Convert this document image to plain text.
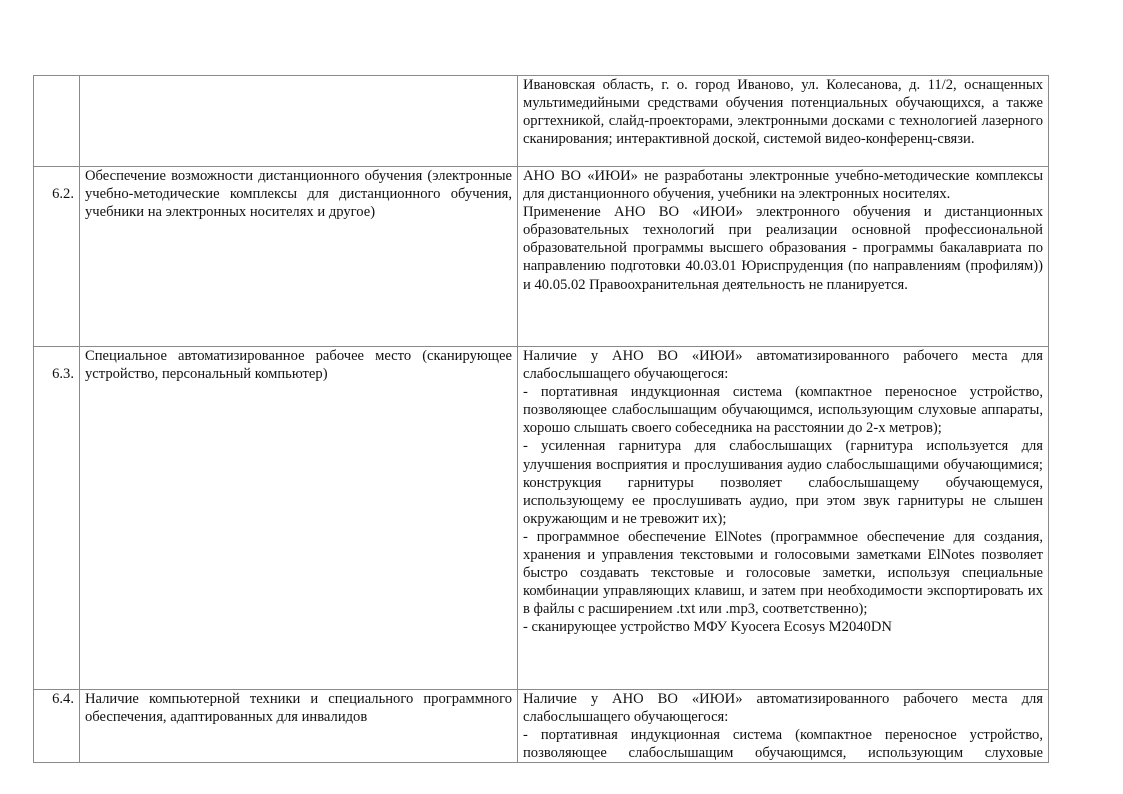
		Ивановская область, г. о. город Иваново, ул. Колесанова, д. 11/2, оснащенных мультимедийными средствами обучения потенциальных обучающихся, а также оргтехникой, слайд-проекторами, электронными досками с технологией лазерного сканирования; интерактивной доской, системой видео-конференц-связи.

6.2.	Обеспечение возможности дистанционного обучения (электронные учебно-методические комплексы для дистанционного обучения, учебники на электронных носителях и другое)	АНО ВО «ИЮИ» не разработаны электронные учебно-методические комплексы для дистанционного обучения, учебники на электронных носителях.
Применение АНО ВО «ИЮИ» электронного обучения и дистанционных образовательных технологий при реализации основной профессиональной образовательной программы высшего образования - программы бакалавриата по направлению подготовки 40.03.01 Юриспруденция (по направлениям (профилям)) и 40.05.02 Правоохранительная деятельность не планируется.

6.3.	Специальное автоматизированное рабочее место (сканирующее устройство, персональный компьютер)	Наличие у АНО ВО «ИЮИ» автоматизированного рабочего места для слабослышащего обучающегося:
- портативная индукционная система (компактное переносное устройство, позволяющее слабослышащим обучающимся, использующим слуховые аппараты, хорошо слышать своего собеседника на расстоянии до 2-х метров);
- усиленная гарнитура для слабослышащих (гарнитура используется для улучшения восприятия и прослушивания аудио слабослышащими обучающимися; конструкция гарнитуры позволяет слабослышащему обучающемуся, использующему ее прослушивать аудио, при этом звук гарнитуры не слышен окружающим и не тревожит их);
- программное обеспечение ElNotes (программное обеспечение для создания, хранения и управления текстовыми и голосовыми заметками ElNotes позволяет быстро создавать текстовые и голосовые заметки, используя специальные комбинации управляющих клавиш, и затем при необходимости экспортировать их в файлы с расширением .txt или .mp3, соответственно);
- сканирующее устройство МФУ Kyocera Ecosys M2040DN

6.4.	Наличие компьютерной техники и специального программного обеспечения, адаптированных для инвалидов	Наличие у АНО ВО «ИЮИ» автоматизированного рабочего места для слабослышащего обучающегося:
- портативная индукционная система (компактное переносное устройство, позволяющее слабослышащим обучающимся, использующим слуховые
